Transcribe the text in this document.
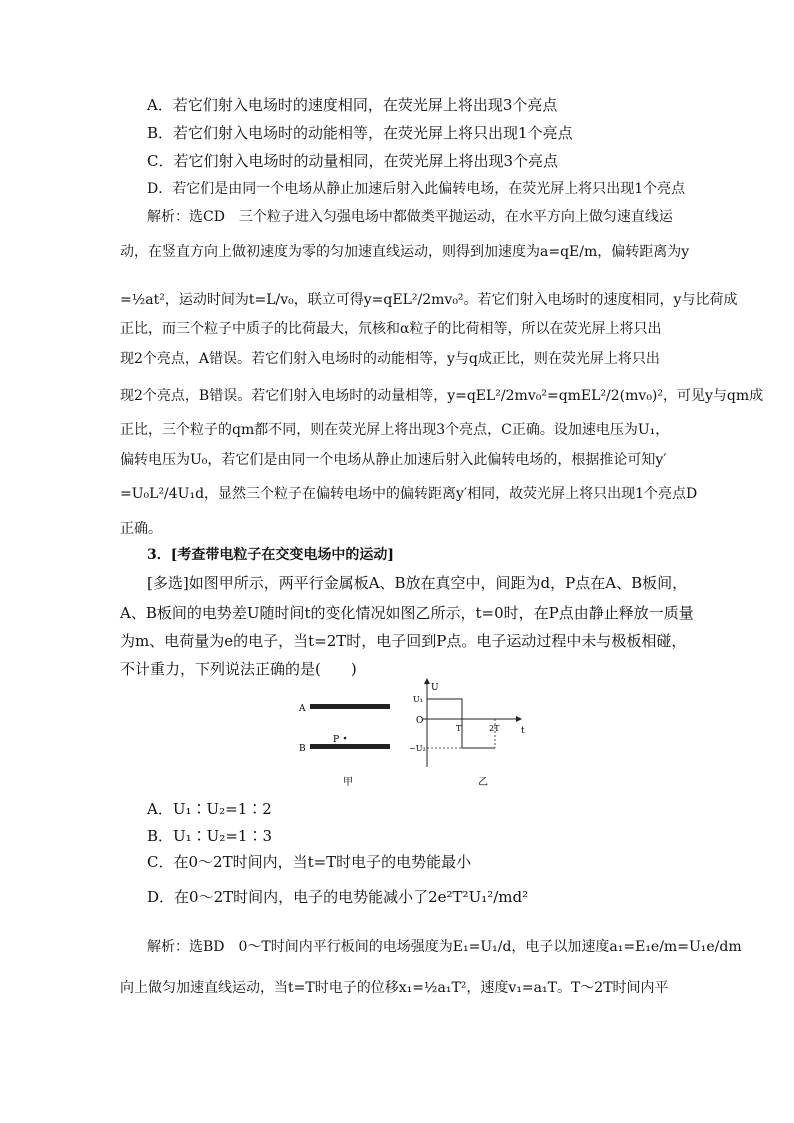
A．若它们射入电场时的速度相同，在荧光屏上将出现3个亮点
B．若它们射入电场时的动能相等，在荧光屏上将只出现1个亮点
C．若它们射入电场时的动量相同，在荧光屏上将出现3个亮点
D．若它们是由同一个电场从静止加速后射入此偏转电场，在荧光屏上将只出现1个亮点
解析：选CD　三个粒子进入匀强电场中都做类平抛运动，在水平方向上做匀速直线运
动，在竖直方向上做初速度为零的匀加速直线运动，则得到加速度为a=qE/m，偏转距离为y
=½at²，运动时间为t=L/v₀，联立可得y=qEL²/2mv₀²。若它们射入电场时的速度相同，y与比荷成
正比，而三个粒子中质子的比荷最大，氘核和α粒子的比荷相等，所以在荧光屏上将只出
现2个亮点，A错误。若它们射入电场时的动能相等，y与q成正比，则在荧光屏上将只出
现2个亮点，B错误。若它们射入电场时的动量相等，y=qEL²/2mv₀²=qmEL²/2(mv₀)²，可见y与qm成
正比，三个粒子的qm都不同，则在荧光屏上将出现3个亮点，C正确。设加速电压为U₁，
偏转电压为U₀，若它们是由同一个电场从静止加速后射入此偏转电场的，根据推论可知y′
=U₀L²/4U₁d，显然三个粒子在偏转电场中的偏转距离y′相同，故荧光屏上将只出现1个亮点D
正确。
3．[考查带电粒子在交变电场中的运动]
[多选]如图甲所示，两平行金属板A、B放在真空中，间距为d，P点在A、B板间，
A、B板间的电势差U随时间t的变化情况如图乙所示，t=0时，在P点由静止释放一质量
为m、电荷量为e的电子，当t=2T时，电子回到P点。电子运动过程中未与极板相碰，
不计重力，下列说法正确的是(　　)
A
B
P
甲
U
t
O
U₁
−U₂
T	2T
乙
A．U₁∶U₂=1∶2
B．U₁∶U₂=1∶3
C．在0～2T时间内，当t=T时电子的电势能最小
D．在0～2T时间内，电子的电势能减小了2e²T²U₁²/md²
解析：选BD　0～T时间内平行板间的电场强度为E₁=U₁/d，电子以加速度a₁=E₁e/m=U₁e/dm
向上做匀加速直线运动，当t=T时电子的位移x₁=½a₁T²，速度v₁=a₁T。T～2T时间内平
